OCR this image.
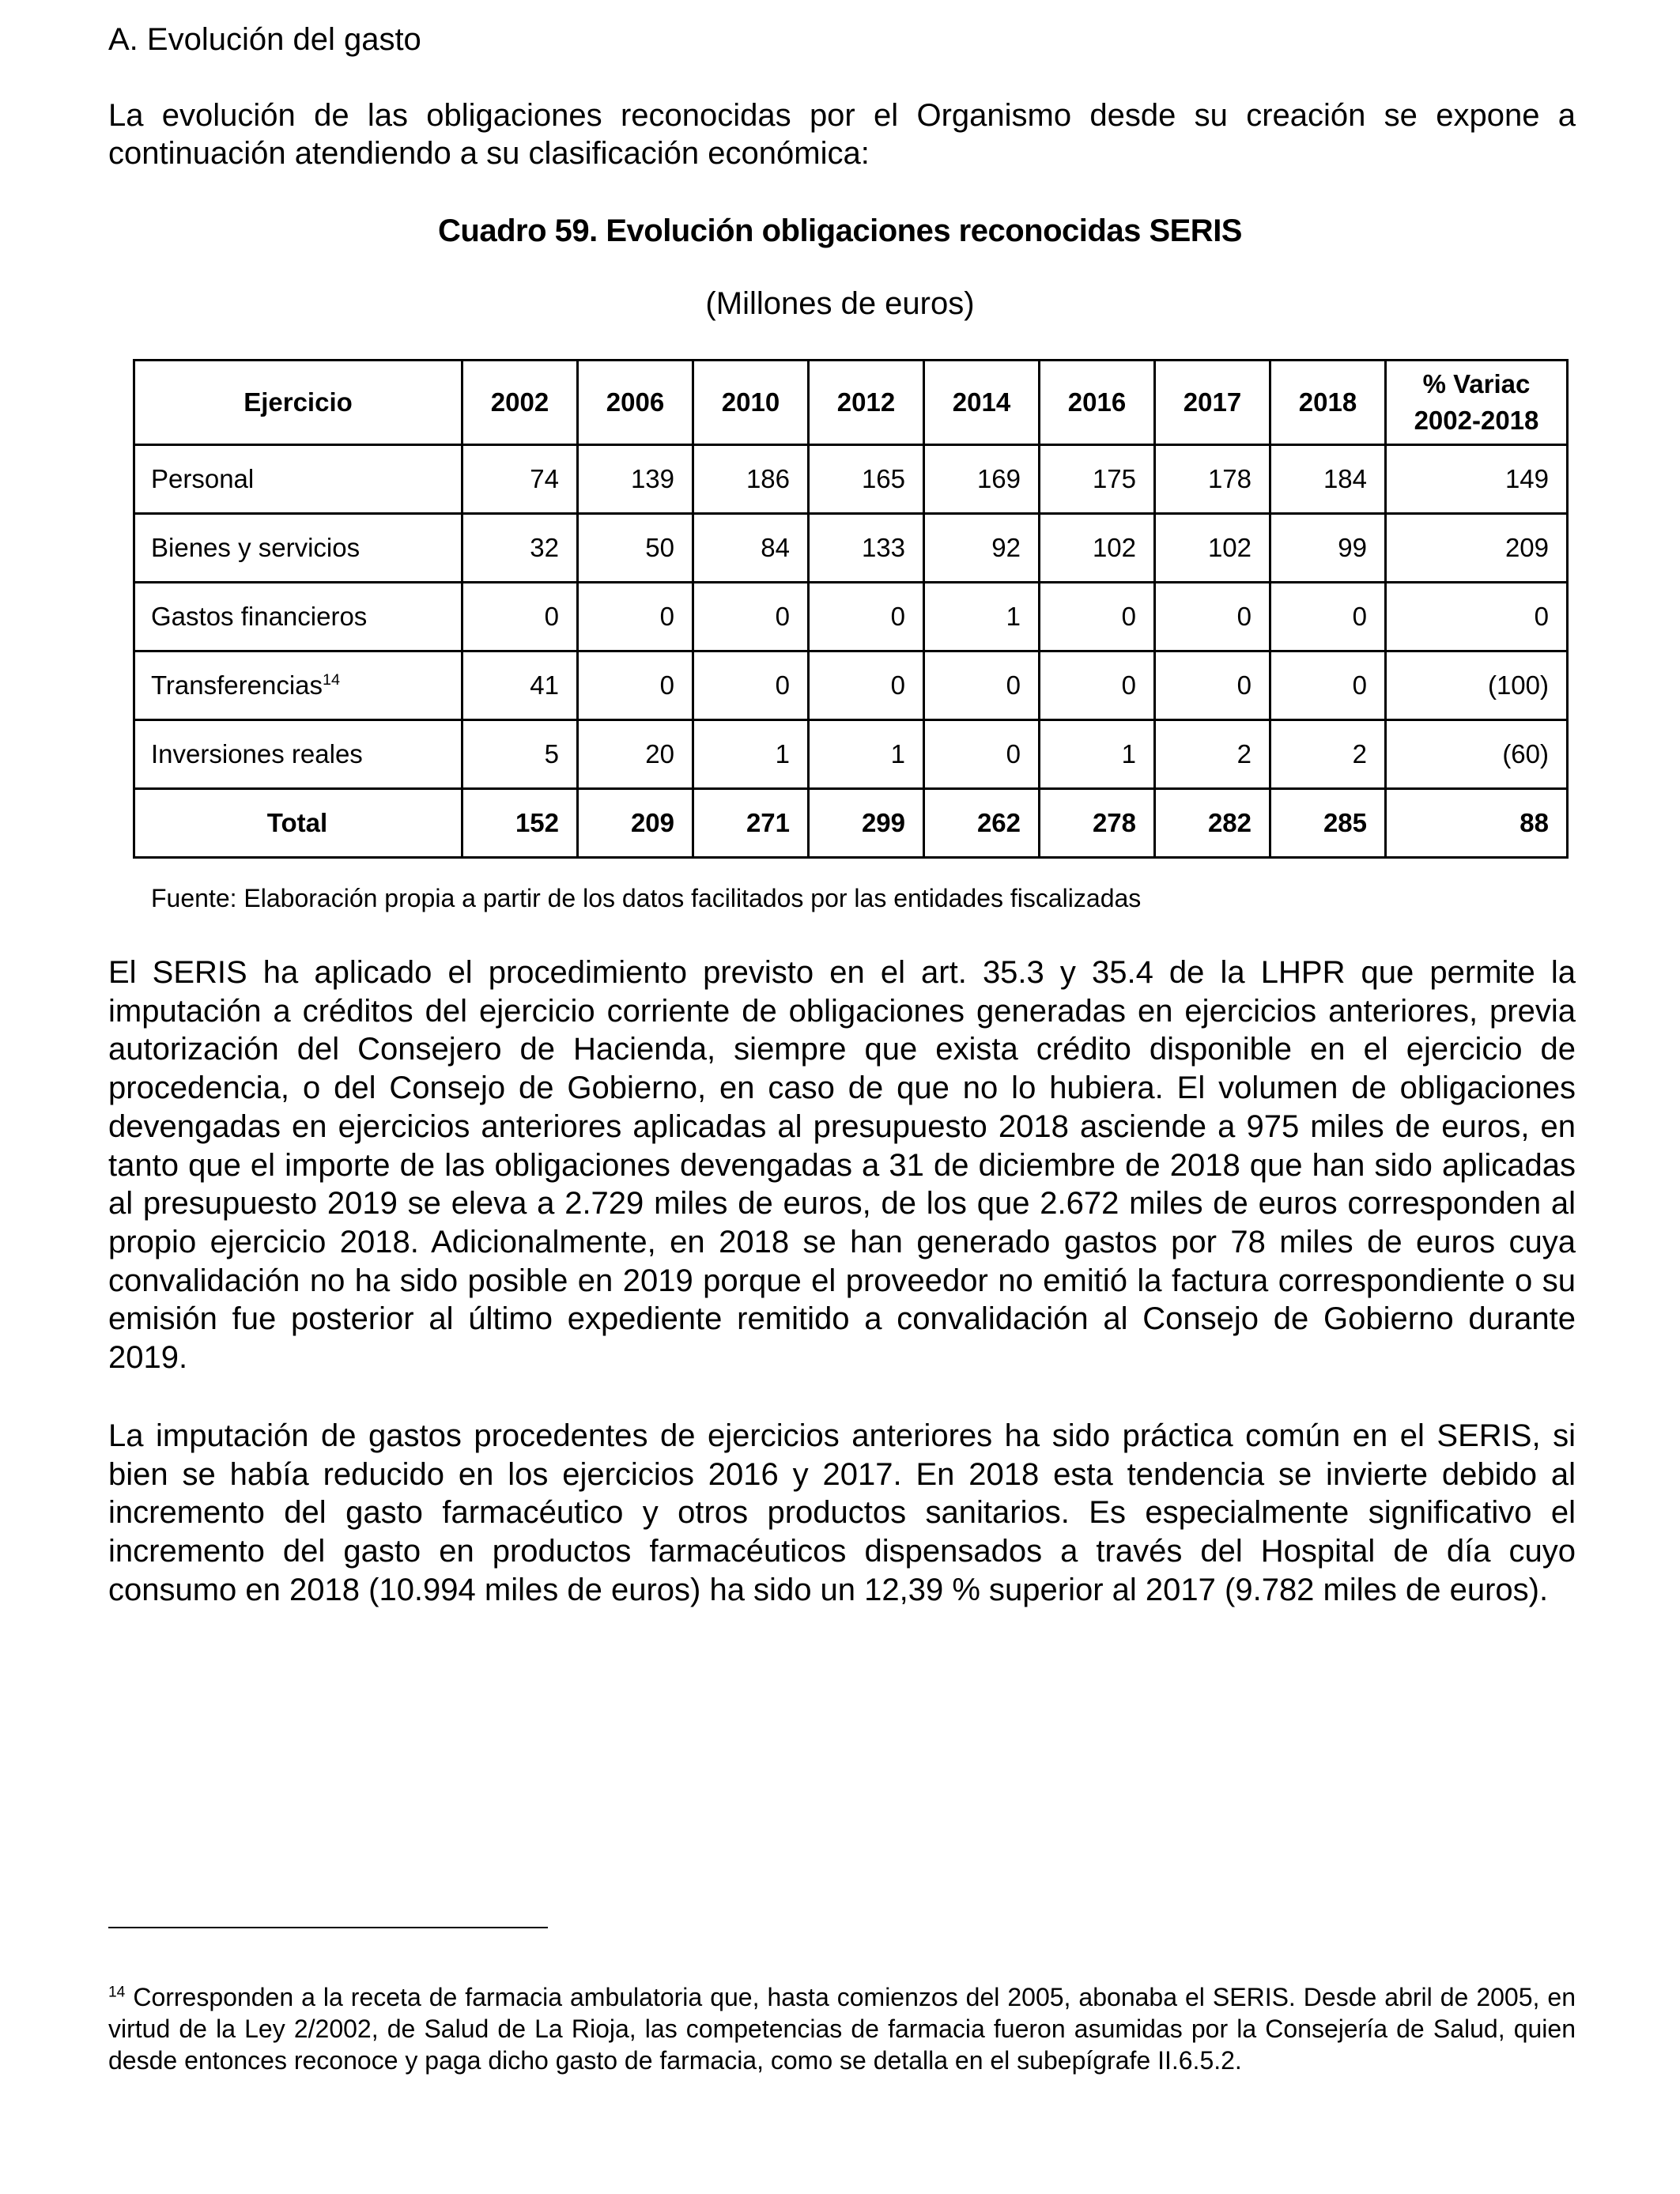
A. Evolución del gasto
La evolución de las obligaciones reconocidas por el Organismo desde su creación se expone a continuación atendiendo a su clasificación económica:
Cuadro 59. Evolución obligaciones reconocidas SERIS
(Millones de euros)
Ejercicio	2002	2006	2010	2012	2014	2016	2017	2018	% Variac
2002-2018
Personal	74	139	186	165	169	175	178	184	149
Bienes y servicios	32	50	84	133	92	102	102	99	209
Gastos financieros	0	0	0	0	1	0	0	0	0
Transferencias$^{14}$	41	0	0	0	0	0	0	0	(100)
Inversiones reales	5	20	1	1	0	1	2	2	(60)
Total	152	209	271	299	262	278	282	285	88
Fuente: Elaboración propia a partir de los datos facilitados por las entidades fiscalizadas
El SERIS ha aplicado el procedimiento previsto en el art. 35.3 y 35.4 de la LHPR que permite la imputación a créditos del ejercicio corriente de obligaciones generadas en ejercicios anteriores, previa autorización del Consejero de Hacienda, siempre que exista crédito disponible en el ejercicio de procedencia, o del Consejo de Gobierno, en caso de que no lo hubiera. El volumen de obligaciones devengadas en ejercicios anteriores aplicadas al presupuesto 2018 asciende a 975 miles de euros, en tanto que el importe de las obligaciones devengadas a 31 de diciembre de 2018 que han sido aplicadas al presupuesto 2019 se eleva a 2.729 miles de euros, de los que 2.672 miles de euros corresponden al propio ejercicio 2018. Adicionalmente, en 2018 se han generado gastos por 78 miles de euros cuya convalidación no ha sido posible en 2019 porque el proveedor no emitió la factura correspondiente o su emisión fue posterior al último expediente remitido a convalidación al Consejo de Gobierno durante 2019.
La imputación de gastos procedentes de ejercicios anteriores ha sido práctica común en el SERIS, si bien se había reducido en los ejercicios 2016 y 2017. En 2018 esta tendencia se invierte debido al incremento del gasto farmacéutico y otros productos sanitarios. Es especialmente significativo el incremento del gasto en productos farmacéuticos dispensados a través del Hospital de día cuyo consumo en 2018 (10.994 miles de euros) ha sido un 12,39 % superior al 2017 (9.782 miles de euros).
$^{14}$ Corresponden a la receta de farmacia ambulatoria que, hasta comienzos del 2005, abonaba el SERIS. Desde abril de 2005, en virtud de la Ley 2/2002, de Salud de La Rioja, las competencias de farmacia fueron asumidas por la Consejería de Salud, quien desde entonces reconoce y paga dicho gasto de farmacia, como se detalla en el subepígrafe II.6.5.2.
